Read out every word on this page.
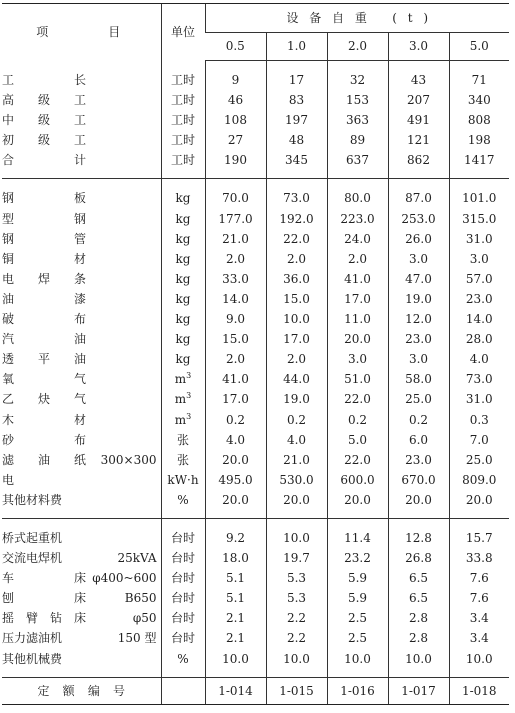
项　目	单位	设备自重 (t)				
		0.5	1.0	2.0	3.0	5.0

工 长	工时	9	17	32	43	71

高 级 工	工时	46	83	153	207	340

中 级 工	工时	108	197	363	491	808

初 级 工	工时	27	48	89	121	198

合 计	工时	190	345	637	862	1417

钢 板	kg	70.0	73.0	80.0	87.0	101.0

型 钢	kg	177.0	192.0	223.0	253.0	315.0

钢 管	kg	21.0	22.0	24.0	26.0	31.0

铜 材	kg	2.0	2.0	2.0	3.0	3.0

电 焊 条	kg	33.0	36.0	41.0	47.0	57.0

油 漆	kg	14.0	15.0	17.0	19.0	23.0

破 布	kg	9.0	10.0	11.0	12.0	14.0

汽 油	kg	15.0	17.0	20.0	23.0	28.0

透 平 油	kg	2.0	2.0	3.0	3.0	4.0

氧 气	$m^3$	41.0	44.0	51.0	58.0	73.0

乙 炔 气	$m^3$	17.0	19.0	22.0	25.0	31.0

木 材	$m^3$	0.2	0.2	0.2	0.2	0.3

砂 布	张	4.0	4.0	5.0	6.0	7.0

滤 油 纸 300×300	张	20.0	21.0	22.0	23.0	25.0

电	kW·h	495.0	530.0	600.0	670.0	809.0

其他材料费	%	20.0	20.0	20.0	20.0	20.0

桥式起重机	台时	9.2	10.0	11.4	12.8	15.7

交流电焊机 25kVA	台时	18.0	19.7	23.2	26.8	33.8

车 床 φ400~600	台时	5.1	5.3	5.9	6.5	7.6

刨 床 B650	台时	5.1	5.3	5.9	6.5	7.6

摇 臂 钻 床 φ50	台时	2.1	2.2	2.5	2.8	3.4

压力滤油机 150 型	台时	2.1	2.2	2.5	2.8	3.4

其他机械费	%	10.0	10.0	10.0	10.0	10.0
定额编号		1-014	1-015	1-016	1-017	1-018
